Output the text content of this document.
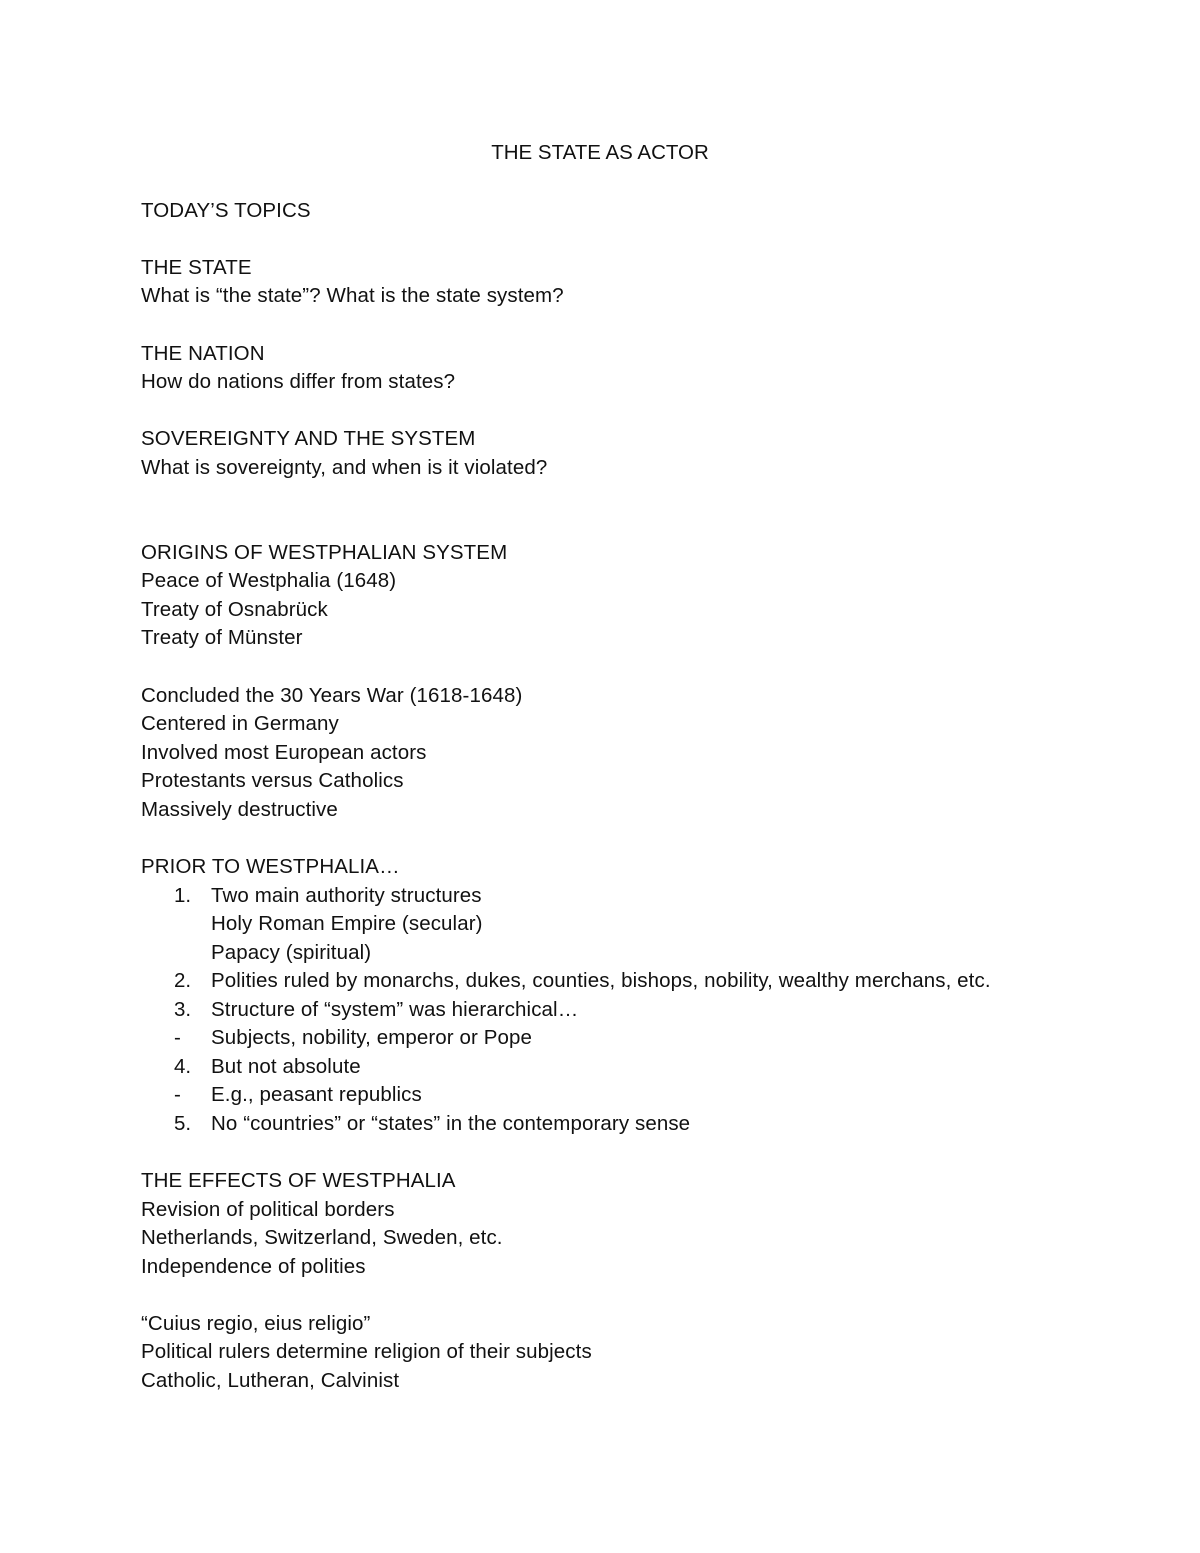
THE STATE AS ACTOR
TODAY’S TOPICS
THE STATE
What is “the state”? What is the state system?
THE NATION
How do nations differ from states?
SOVEREIGNTY AND THE SYSTEM
What is sovereignty, and when is it violated?
ORIGINS OF WESTPHALIAN SYSTEM
Peace of Westphalia (1648)
Treaty of Osnabrück
Treaty of Münster
Concluded the 30 Years War (1618-1648)
Centered in Germany
Involved most European actors
Protestants versus Catholics
Massively destructive
PRIOR TO WESTPHALIA…
1. Two main authority structures
Holy Roman Empire (secular)
Papacy (spiritual)
2. Polities ruled by monarchs, dukes, counties, bishops, nobility, wealthy merchans, etc.
3. Structure of “system” was hierarchical…
- Subjects, nobility, emperor or Pope
4. But not absolute
- E.g., peasant republics
5. No “countries” or “states” in the contemporary sense
THE EFFECTS OF WESTPHALIA
Revision of political borders
Netherlands, Switzerland, Sweden, etc.
Independence of polities
“Cuius regio, eius religio”
Political rulers determine religion of their subjects
Catholic, Lutheran, Calvinist
